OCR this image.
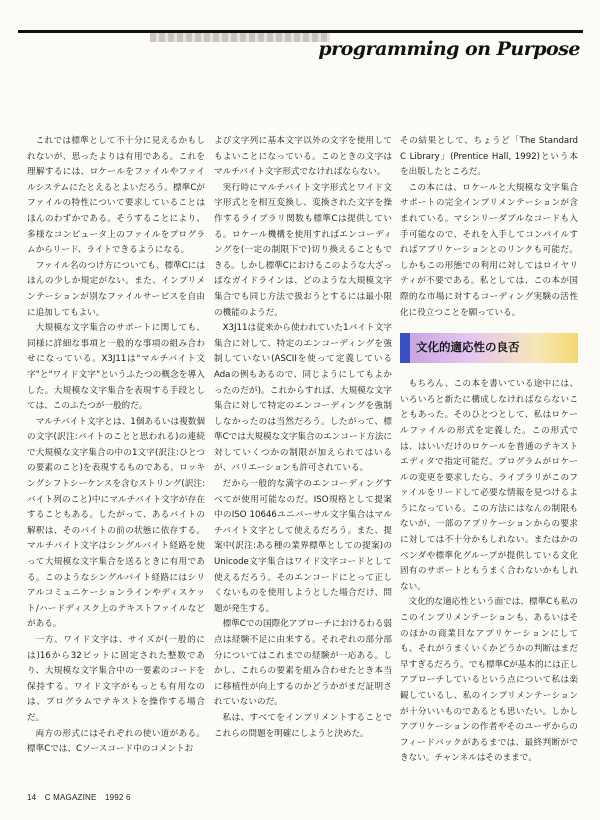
programming on Purpose

これでは標準として不十分に見えるかもしれないが、思ったよりは有用である。これを理解するには、ロケールをファイルやファイルシステムにたとえるとよいだろう。標準Cがファイルの特性について要求していることはほんのわずかである。そうすることにより、多様なコンピュータ上のファイルをプログラムからリード、ライトできるようになる。

ファイル名のつけ方についても、標準Cにはほんの少しか規定がない。また、インプリメンテーションが別なファイルサービスを自由に追加してもよい。

大規模な文字集合のサポートに関しても、同様に詳細な事項と一般的な事項の組み合わせになっている。X3J11は"マルチバイト文字"と"ワイド文字"というふたつの概念を導入した。大規模な文字集合を表現する手段としては、このふたつが一般的だ。

マルチバイト文字とは、1個あるいは複数個の文字(訳注:バイトのことと思われる)の連続で大規模な文字集合の中の1文字(訳注:ひとつの要素のこと)を表現するものである。ロッキングシフトシーケンスを含むストリング(訳注:バイト列のこと)中にマルチバイト文字が存在することもある。したがって、あるバイトの解釈は、そのバイトの前の状態に依存する。マルチバイト文字はシングルバイト経路を使って大規模な文字集合を送るときに有用である。このようなシングルバイト経路にはシリアルコミュニケーションラインやディスケット/ハードディスク上のテキストファイルなどがある。

一方、ワイド文字は、サイズが(一般的には)16から32ビットに固定された整数であり、大規模な文字集合中の一要素のコードを保持する。ワイド文字がもっとも有用なのは、プログラムでテキストを操作する場合だ。

両方の形式にはそれぞれの使い道がある。標準Cでは、Cソースコード中のコメントお

よび文字列に基本文字以外の文字を使用してもよいことになっている。このときの文字はマルチバイト文字形式でなければならない。

実行時にマルチバイト文字形式とワイド文字形式とを相互変換し、変換された文字を操作するライブラリ関数も標準Cは提供している。ロケール機構を使用すればエンコーディングを(一定の制限下で)切り換えることもできる。しかし標準Cにおけるこのような大ざっぱなガイドラインは、どのような大規模文字集合でも同じ方法で扱おうとするには最小限の機能のようだ。

X3J11は従来から使われていた1バイト文字集合に対して、特定のエンコーディングを強制していない(ASCIIを使って定義しているAdaの例もあるので、同じようにしてもよかったのだが)。これからすれば、大規模な文字集合に対して特定のエンコーディングを強制しなかったのは当然だろう。したがって、標準Cでは大規模な文字集合のエンコード方法に対していくつかの制限が加えられてはいるが、バリエーションも許可されている。

だから一般的な満字のエンコーディングすべてが使用可能なのだ。ISO規格として提案中のISO 10646ユニバーサル文字集合はマルチバイト文字として使えるだろう。また、提案中(訳注:ある種の業界標準としての提案)のUnicode文字集合はワイド文字コードとして使えるだろう。そのエンコードにとって正しくないものを使用しようとした場合だけ、問題が発生する。

標準Cでの国際化アプローチにおけるわる弱点は経験不足に由来する。それぞれの部分部分についてはこれまでの経験が一応ある。しかし、これらの要素を組み合わせたとき本当に移植性が向上するのかどうかがまだ証明されていないのだ。

私は、すべてをインプリメントすることでこれらの問題を明確にしようと決めた。

その結果として、ちょうど「The Standard C Library」(Prentice Hall, 1992)という本を出版したところだ。

この本には、ロケールと大規模な文字集合サポートの完全インプリメンテーションが含まれている。マシンリーダブルなコードも入手可能なので、それを入手してコンパイルすればアプリケーションとのリンクも可能だ。しかもこの形態での利用に対してはロイヤリティが不要である。私としては、この本が国際的な市場に対するコーディング実験の活性化に役立つことを願っている。

文化的適応性の良否

もちろん、この本を書いている途中には、いろいろと新たに構成しなければならないこともあった。そのひとつとして、私はロケールファイルの形式を定義した。この形式では、はいいだけのロケールを普通のテキストエディタで指定可能だ。プログラムがロケールの変更を要求したら、ライブラリがこのファイルをリードして必要な情報を見つけるようになっている。この方法にはなんの制限もないが、一部のアプリケーションからの要求に対しては不十分かもしれない。またはかのベンダや標準化グループが提供している文化固有のサポートともうまく合わないかもしれない。

文化的な適応性という面では、標準Cも私のこのインプリメンテーションも、あるいはそのほかの商業目なアプリケーションにしても、それがうまくいくかどうかの判断はまだ早すぎるだろう。でも標準Cが基本的には正しアプローチしているという点について私は楽観しているし、私のインプリメンテーションが十分いいものであるとも思いたい。しかしアプリケーションの作者やそのユーザからのフィードバックがあるまでは、最終判断ができない。チャンネルはそのままで。

14 C MAGAZINE 1992 6
